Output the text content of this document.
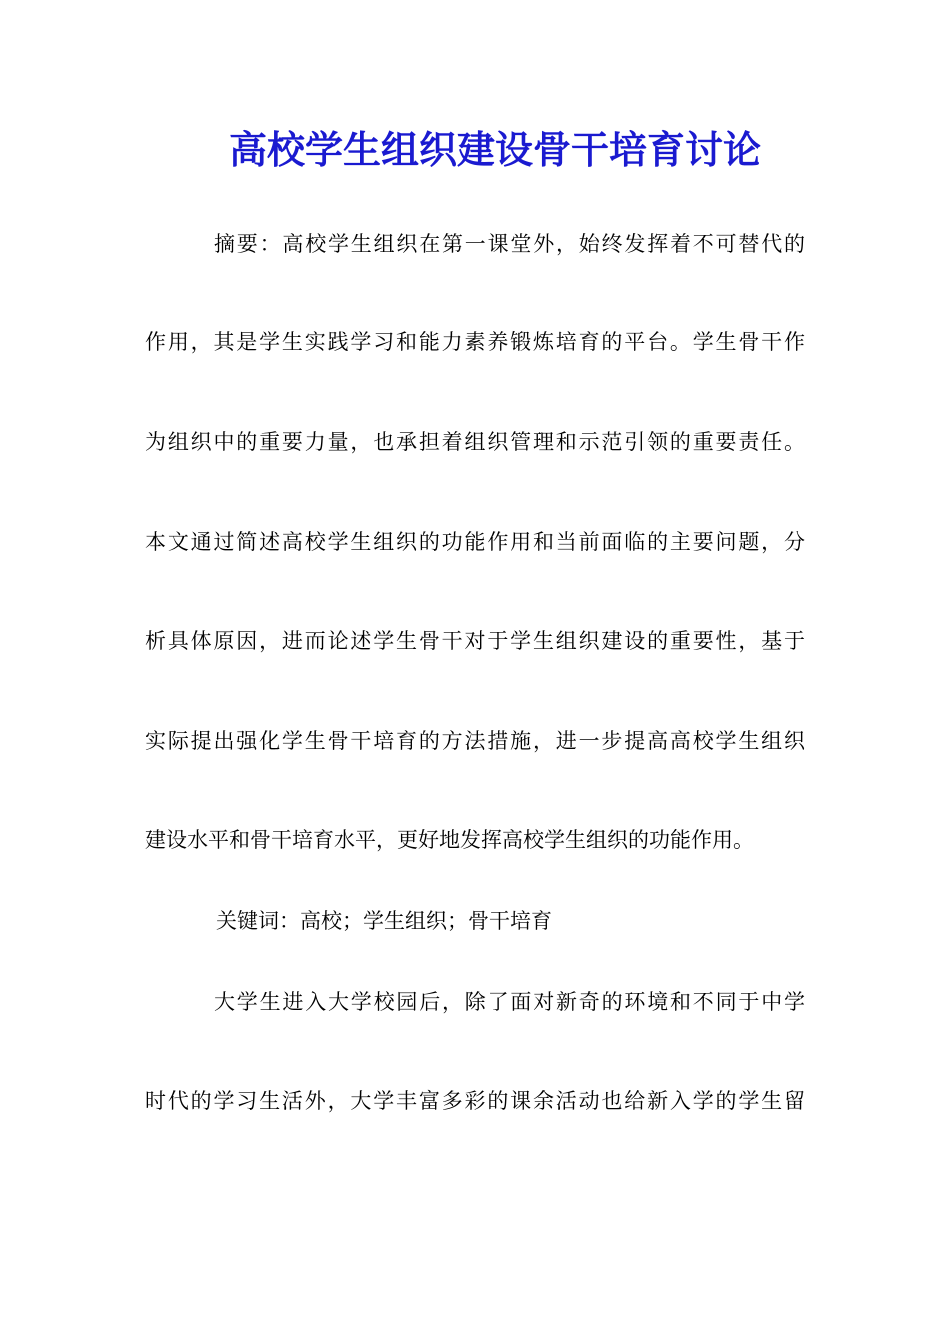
高校学生组织建设骨干培育讨论
摘要：高校学生组织在第一课堂外，始终发挥着不可替代的
作用，其是学生实践学习和能力素养锻炼培育的平台。学生骨干作
为组织中的重要力量，也承担着组织管理和示范引领的重要责任。
本文通过简述高校学生组织的功能作用和当前面临的主要问题，分
析具体原因，进而论述学生骨干对于学生组织建设的重要性，基于
实际提出强化学生骨干培育的方法措施，进一步提高高校学生组织
建设水平和骨干培育水平，更好地发挥高校学生组织的功能作用。
关键词：高校；学生组织；骨干培育
大学生进入大学校园后，除了面对新奇的环境和不同于中学
时代的学习生活外，大学丰富多彩的课余活动也给新入学的学生留
